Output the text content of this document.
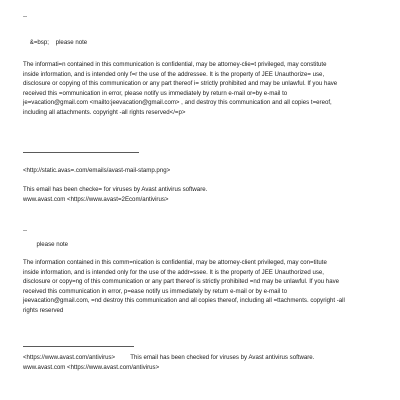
--

&=bsp;    please note

The informati=n contained in this communication is confidential, may be attorney-clie=t privileged, may constitute
inside information, and is intended only f=r the use of the addressee. It is the property of JEE Unauthorize= use,
disclosure or copying of this communication or any part thereof i= strictly prohibited and may be unlawful. If you have
received this =ommunication in error, please notify us immediately by return e-mail or=by e-mail to
je=vacation@gmail.com <mailto:jeevacation@gmail.com> , and destroy this communication and all copies t=ereof,
including all attachments. copyright -all rights reserved</=p>

<http://static.avas=.com/emails/avast-mail-stamp.png>

This email has been checke= for viruses by Avast antivirus software.
www.avast.com <https://www.avast=2Ecom/antivirus>

--

please note

The information contained in this comm=nication is confidential, may be attorney-client privileged, may con=titute
inside information, and is intended only for the use of the addr=ssee. It is the property of JEE Unauthorized use,
disclosure or copy=ng of this communication or any part thereof is strictly prohibited =nd may be unlawful. If you have
received this communication in error, p=ease notify us immediately by return e-mail or by e-mail to
jeevacation@gmail.com, =nd destroy this communication and all copies thereof, including all =ttachments. copyright -all
rights reserved
<https://www.avast.com/antivirus>         This email has been checked for viruses by Avast antivirus software.
www.avast.com <https://www.avast.com/antivirus>
